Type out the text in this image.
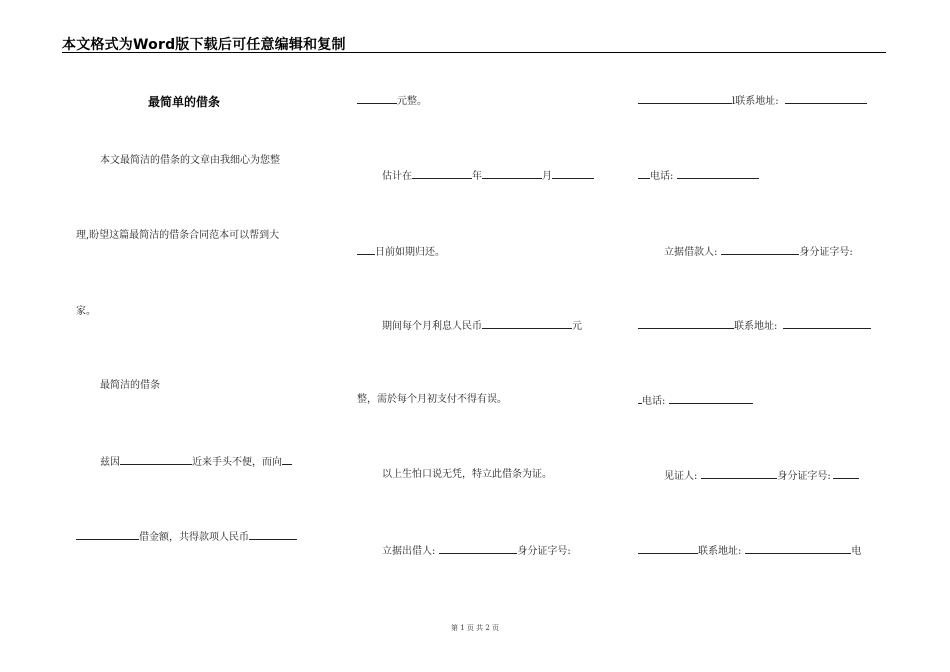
本文格式为Word版下载后可任意编辑和复制
最简单的借条
本文最简洁的借条的文章由我细心为您整
理,盼望这篇最简洁的借条合同范本可以帮到大
家。
最简洁的借条
兹因	近来手头不便，而向
借金额，共得款项人民币
元整。
估计在	年	月
日前如期归还。
期间每个月利息人民币	元
整，需於每个月初支付不得有误。
以上生怕口说无凭，特立此借条为证。
立据出借人:	身分证字号:
l联系地址:
电话:
立据借款人:	身分证字号:
联系地址:
电话:
见证人:	身分证字号:
联系地址:	电
第 1 页 共 2 页
